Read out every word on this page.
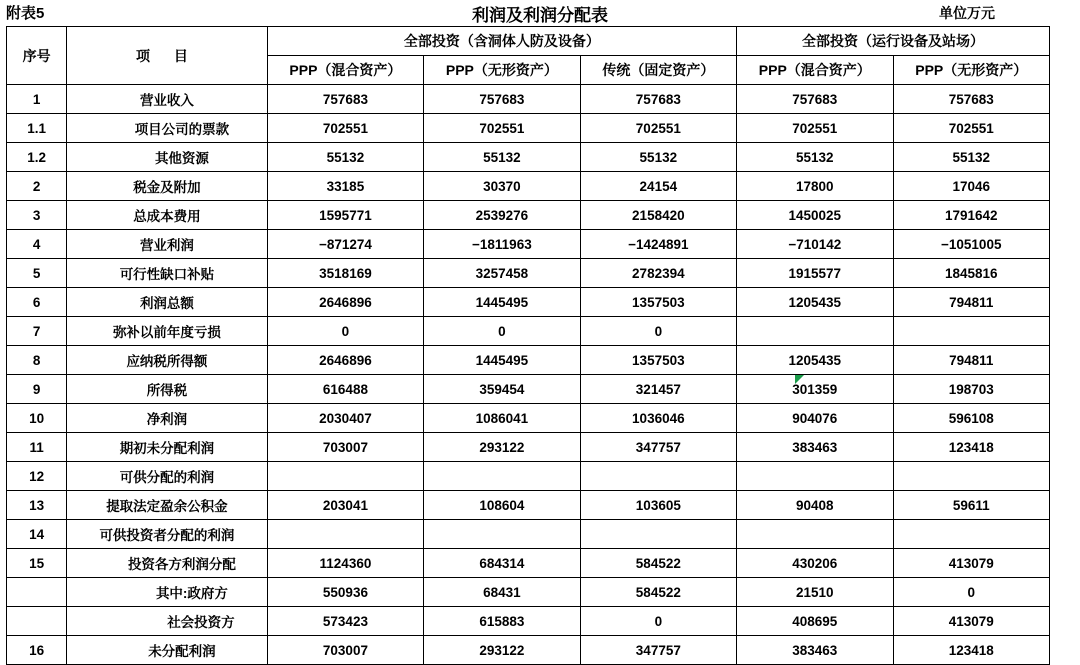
附表5	利润及利润分配表	单位万元
序号	项 目	全部投资（含洞体人防及设备）			全部投资（运行设备及站场）	
		PPP（混合资产）	PPP（无形资产）	传统（固定资产）	PPP（混合资产）	PPP（无形资产）
1	营业收入	757683	757683	757683	757683	757683
1.1	项目公司的票款	702551	702551	702551	702551	702551
1.2	其他资源	55132	55132	55132	55132	55132
2	税金及附加	33185	30370	24154	17800	17046
3	总成本费用	1595771	2539276	2158420	1450025	1791642
4	营业利润	−871274	−1811963	−1424891	−710142	−1051005
5	可行性缺口补贴	3518169	3257458	2782394	1915577	1845816
6	利润总额	2646896	1445495	1357503	1205435	794811
7	弥补以前年度亏损	0	0	0		
8	应纳税所得额	2646896	1445495	1357503	1205435	794811
9	所得税	616488	359454	321457	301359	198703
10	净利润	2030407	1086041	1036046	904076	596108
11	期初未分配利润	703007	293122	347757	383463	123418
12	可供分配的利润					
13	提取法定盈余公积金	203041	108604	103605	90408	59611
14	可供投资者分配的利润					
15	投资各方利润分配	1124360	684314	584522	430206	413079
	其中:政府方	550936	68431	584522	21510	0
	社会投资方	573423	615883	0	408695	413079
16	未分配利润	703007	293122	347757	383463	123418
